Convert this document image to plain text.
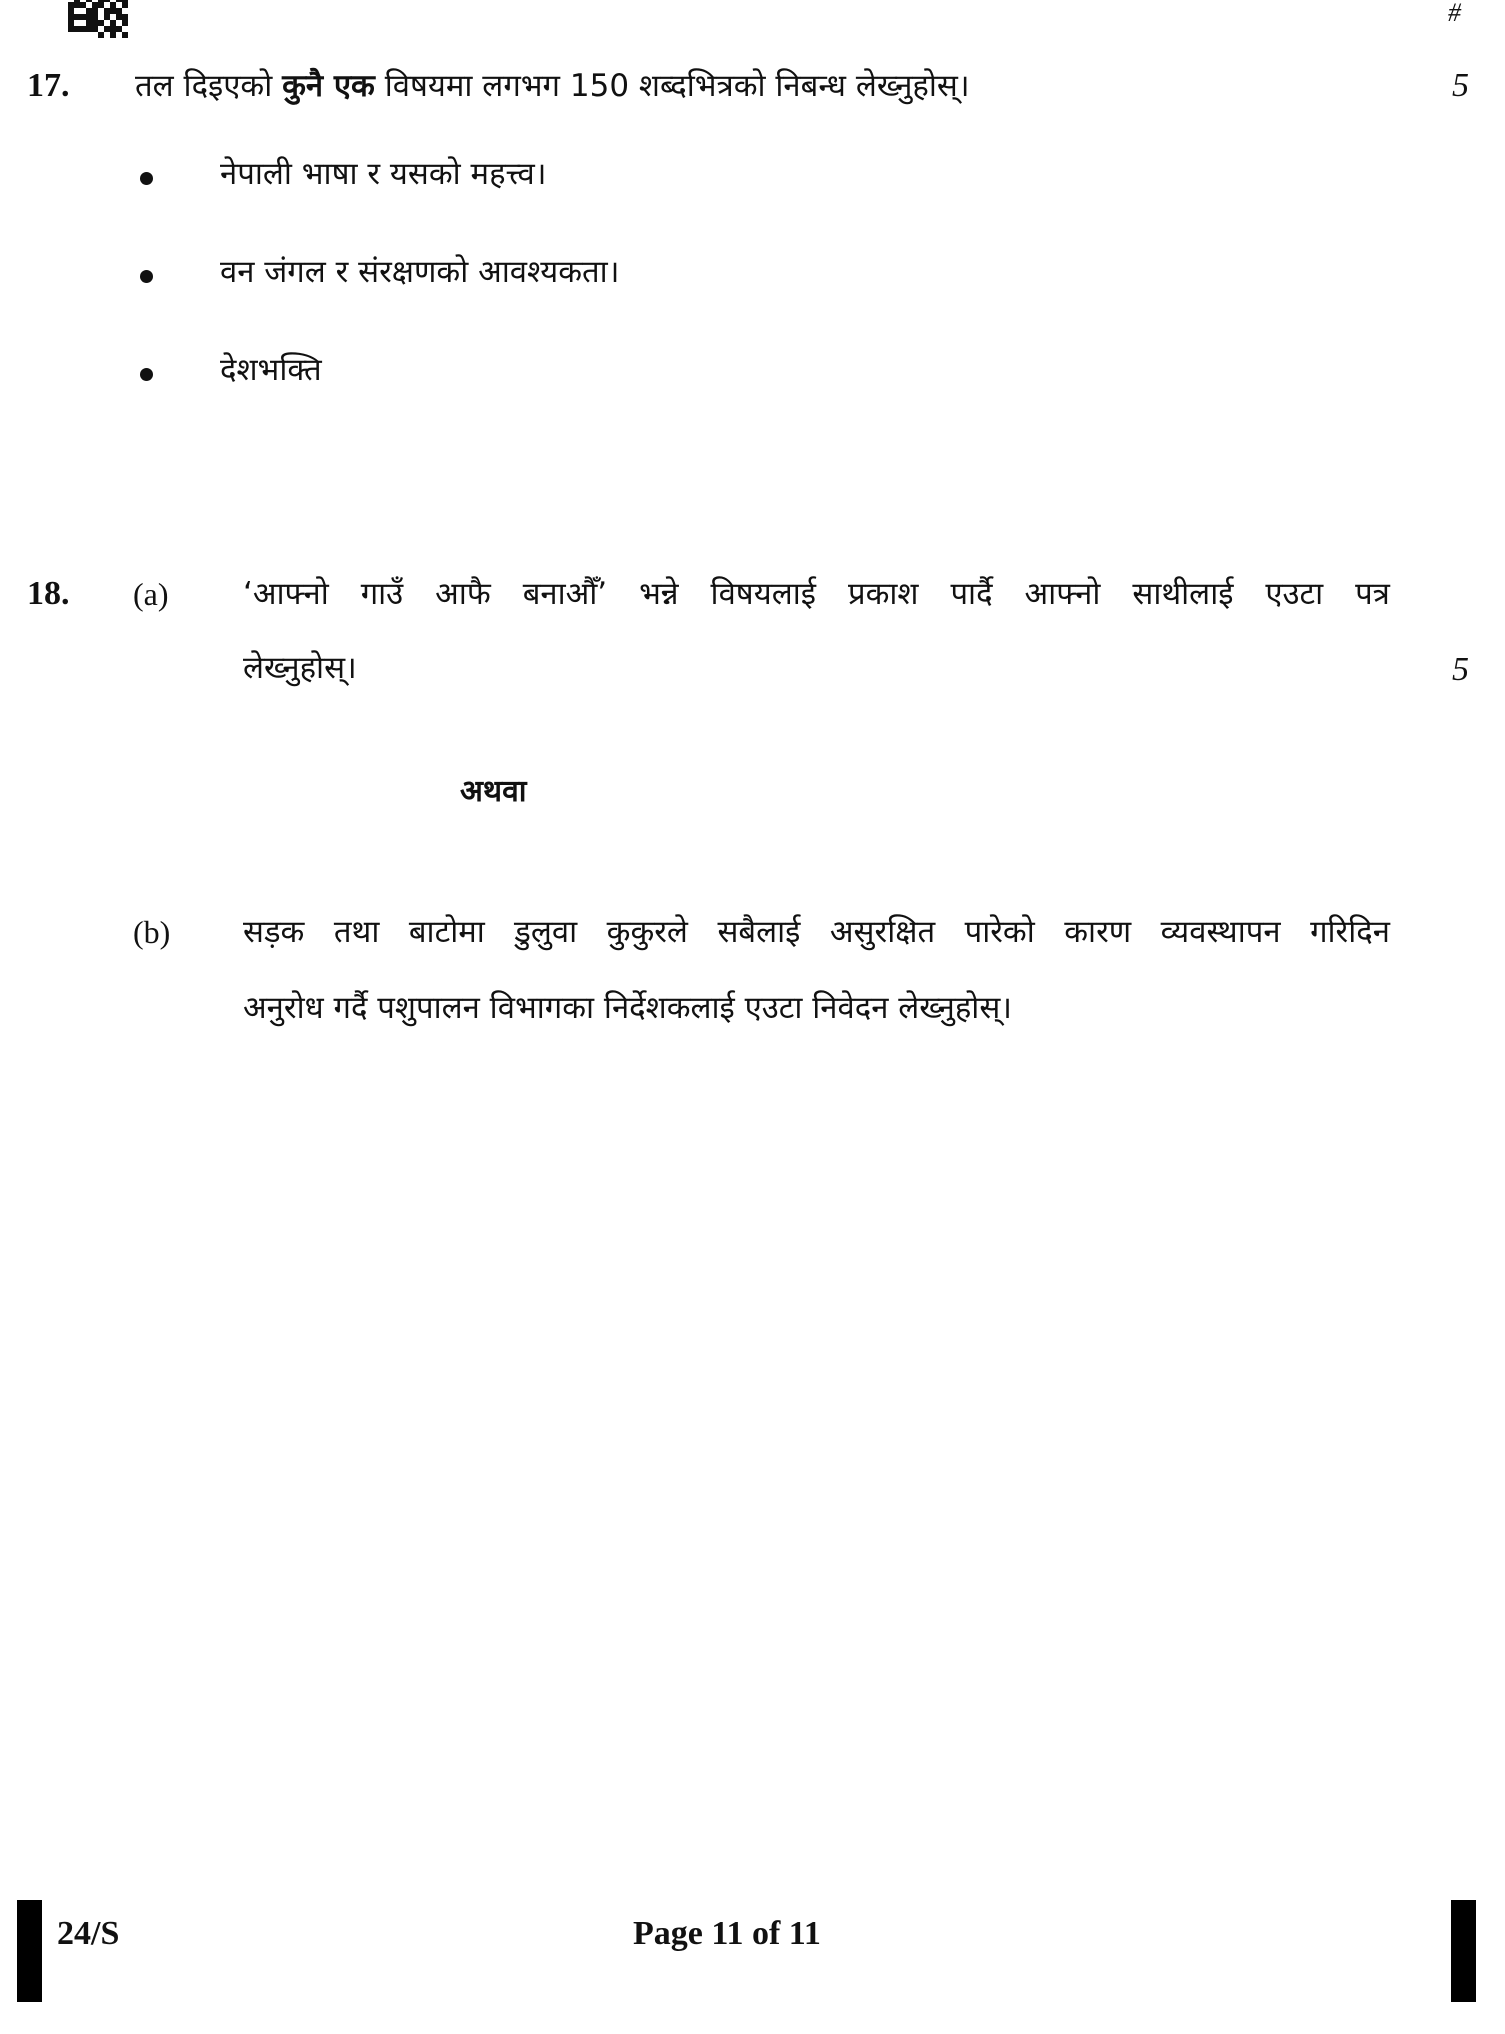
#
17. तल दिइएको कुनै एक विषयमा लगभग 150 शब्दभित्रको निबन्ध लेख्नुहोस्।	5
नेपाली भाषा र यसको महत्त्व।
वन जंगल र संरक्षणको आवश्यकता।
देशभक्ति
18. (a) ‘आफ्नो गाउँ आफै बनाऔँ’ भन्ने विषयलाई प्रकाश पार्दै आफ्नो साथीलाई एउटा पत्र
लेख्नुहोस्।	5
अथवा
(b) सड़क तथा बाटोमा डुलुवा कुकुरले सबैलाई असुरक्षित पारेको कारण व्यवस्थापन गरिदिन
अनुरोध गर्दै पशुपालन विभागका निर्देशकलाई एउटा निवेदन लेख्नुहोस्।
24/S	Page 11 of 11
